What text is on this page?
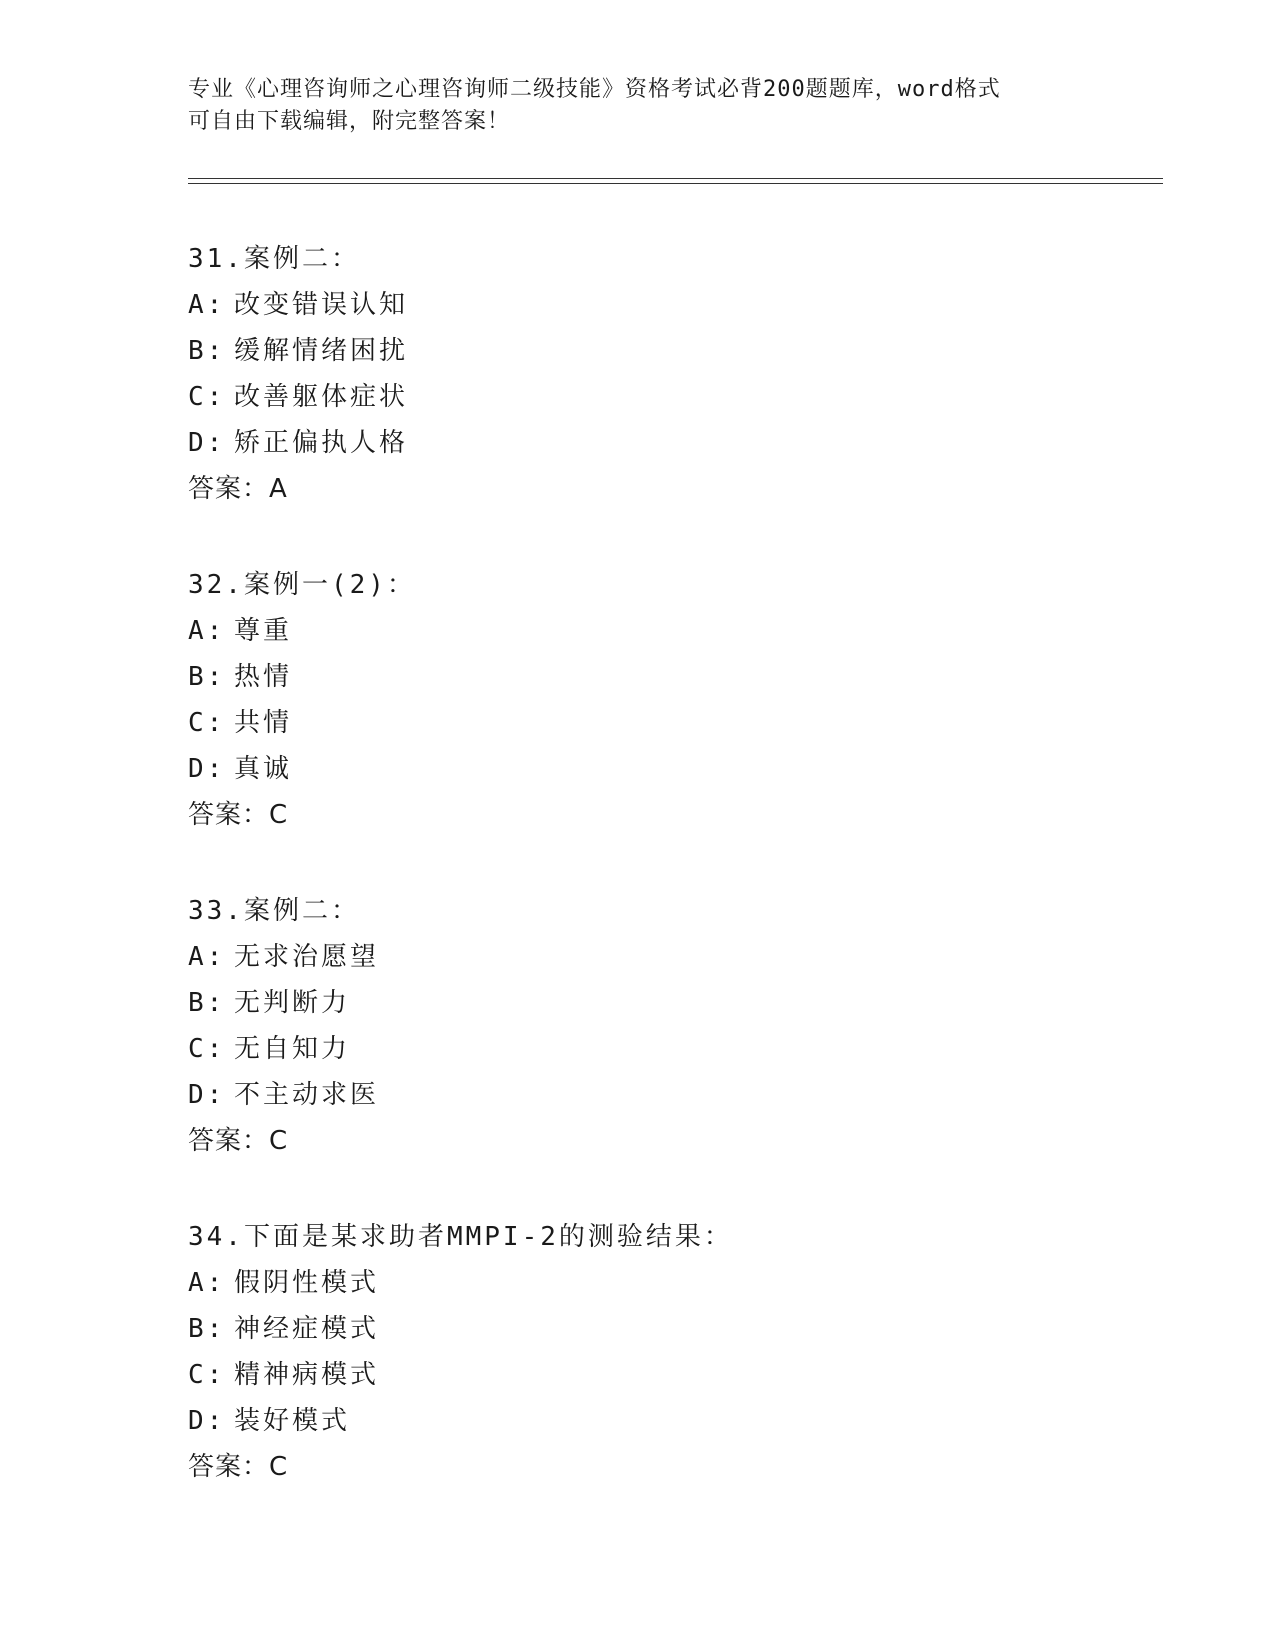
专业《心理咨询师之心理咨询师二级技能》资格考试必背200题题库，word格式
可自由下载编辑，附完整答案！
31.案例二：
A: 改变错误认知
B: 缓解情绪困扰
C: 改善躯体症状
D: 矫正偏执人格
答案：A
32.案例一(2)：
A: 尊重
B: 热情
C: 共情
D: 真诚
答案：C
33.案例二：
A: 无求治愿望
B: 无判断力
C: 无自知力
D: 不主动求医
答案：C
34.下面是某求助者MMPI-2的测验结果：
A: 假阴性模式
B: 神经症模式
C: 精神病模式
D: 装好模式
答案：C
